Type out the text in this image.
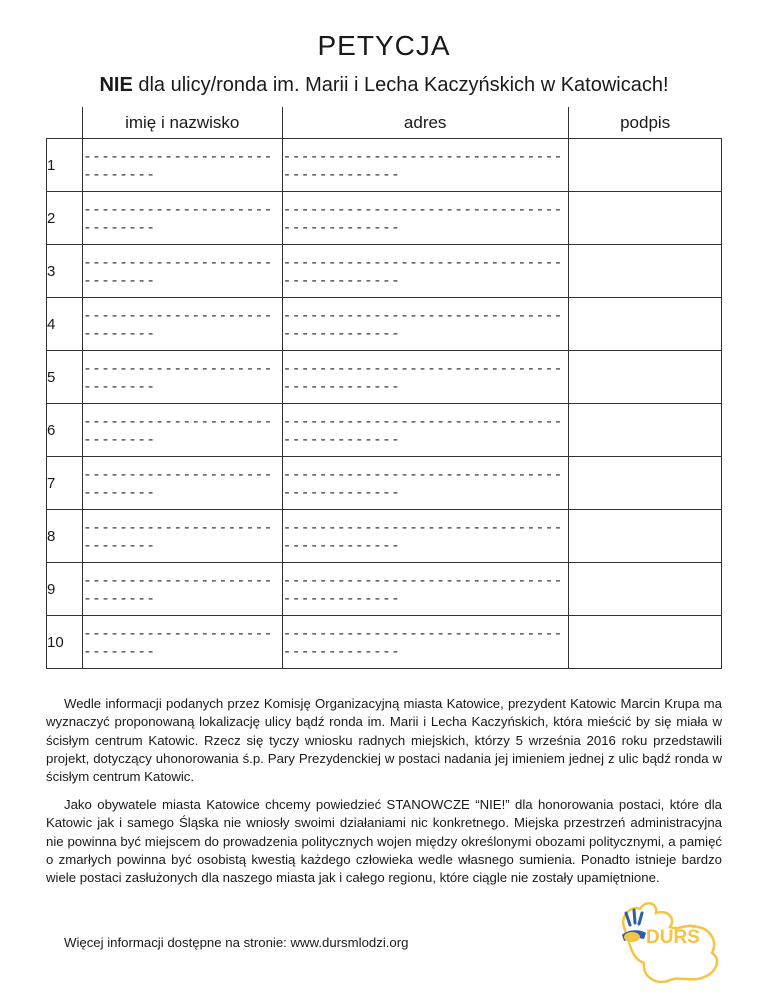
PETYCJA
NIE dla ulicy/ronda im. Marii i Lecha Kaczyńskich w Katowicach!
	imię i nazwisko	adres	podpis
1	-----------------------------	--------------------------------------------	
2	-----------------------------	--------------------------------------------	
3	-----------------------------	--------------------------------------------	
4	-----------------------------	--------------------------------------------	
5	-----------------------------	--------------------------------------------	
6	-----------------------------	--------------------------------------------	
7	-----------------------------	--------------------------------------------	
8	-----------------------------	--------------------------------------------	
9	-----------------------------	--------------------------------------------	
10	-----------------------------	--------------------------------------------	
Wedle informacji podanych przez Komisję Organizacyjną miasta Katowice, prezydent Katowic Marcin Krupa ma wyznaczyć proponowaną lokalizację ulicy bądź ronda im. Marii i Lecha Kaczyńskich, która mieścić by się miała w ścisłym centrum Katowic. Rzecz się tyczy wniosku radnych miejskich, którzy 5 września 2016 roku przedstawili projekt, dotyczący uhonorowania ś.p. Pary Prezydenckiej w postaci nadania jej imieniem jednej z ulic bądź ronda w ścisłym centrum Katowic.
Jako obywatele miasta Katowice chcemy powiedzieć STANOWCZE “NIE!” dla honorowania postaci, które dla Katowic jak i samego Śląska nie wniosły swoimi działaniami nic konkretnego. Miejska przestrzeń administracyjna nie powinna być miejscem do prowadzenia politycznych wojen między określonymi obozami politycznymi, a pamięć o zmarłych powinna być osobistą kwestią każdego człowieka wedle własnego sumienia. Ponadto istnieje bardzo wiele postaci zasłużonych dla naszego miasta jak i całego regionu, które ciągle nie zostały upamiętnione.
Więcej informacji dostępne na stronie: www.dursmlodzi.org	DURŚ
